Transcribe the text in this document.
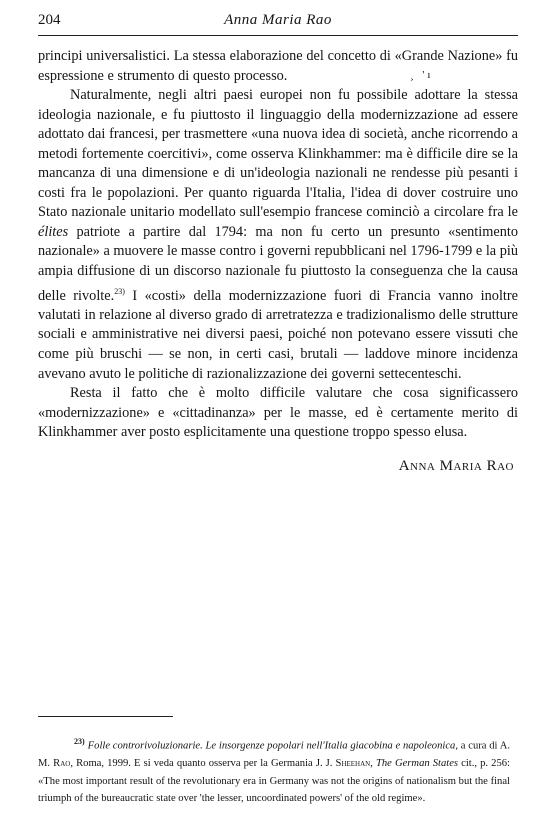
204	Anna Maria Rao
¸ 'ı

principi universalistici. La stessa elaborazione del concetto di «Grande Nazione» fu espressione e strumento di questo processo.

Naturalmente, negli altri paesi europei non fu possibile adottare la stessa ideologia nazionale, e fu piuttosto il linguaggio della modernizzazione ad essere adottato dai francesi, per trasmettere «una nuova idea di società, anche ricorrendo a metodi fortemente coercitivi», come osserva Klinkhammer: ma è difficile dire se la mancanza di una dimensione e di un'ideologia nazionali ne rendesse più pesanti i costi fra le popolazioni. Per quanto riguarda l'Italia, l'idea di dover costruire uno Stato nazionale unitario modellato sull'esempio francese cominciò a circolare fra le élites patriote a partire dal 1794: ma non fu certo un presunto «sentimento nazionale» a muovere le masse contro i governi repubblicani nel 1796-1799 e la più ampia diffusione di un discorso nazionale fu piuttosto la conseguenza che la causa delle rivolte.$^{23)}$ I «costi» della modernizzazione fuori di Francia vanno inoltre valutati in relazione al diverso grado di arretratezza e tradizionalismo delle strutture sociali e amministrative nei diversi paesi, poiché non potevano essere vissuti che come più bruschi — se non, in certi casi, brutali — laddove minore incidenza avevano avuto le politiche di razionalizzazione dei governi settecenteschi.

Resta il fatto che è molto difficile valutare che cosa significassero «modernizzazione» e «cittadinanza» per le masse, ed è certamente merito di Klinkhammer aver posto esplicitamente una questione troppo spesso elusa.

Anna Maria Rao

$^{23)}$ Folle controrivoluzionarie. Le insorgenze popolari nell'Italia giacobina e napoleonica, a cura di A. M. Rao, Roma, 1999. E si veda quanto osserva per la Germania J. J. Sheehan, The German States cit., p. 256: «The most important result of the revolutionary era in Germany was not the origins of nationalism but the final triumph of the bureaucratic state over 'the lesser, uncoordinated powers' of the old regime».
